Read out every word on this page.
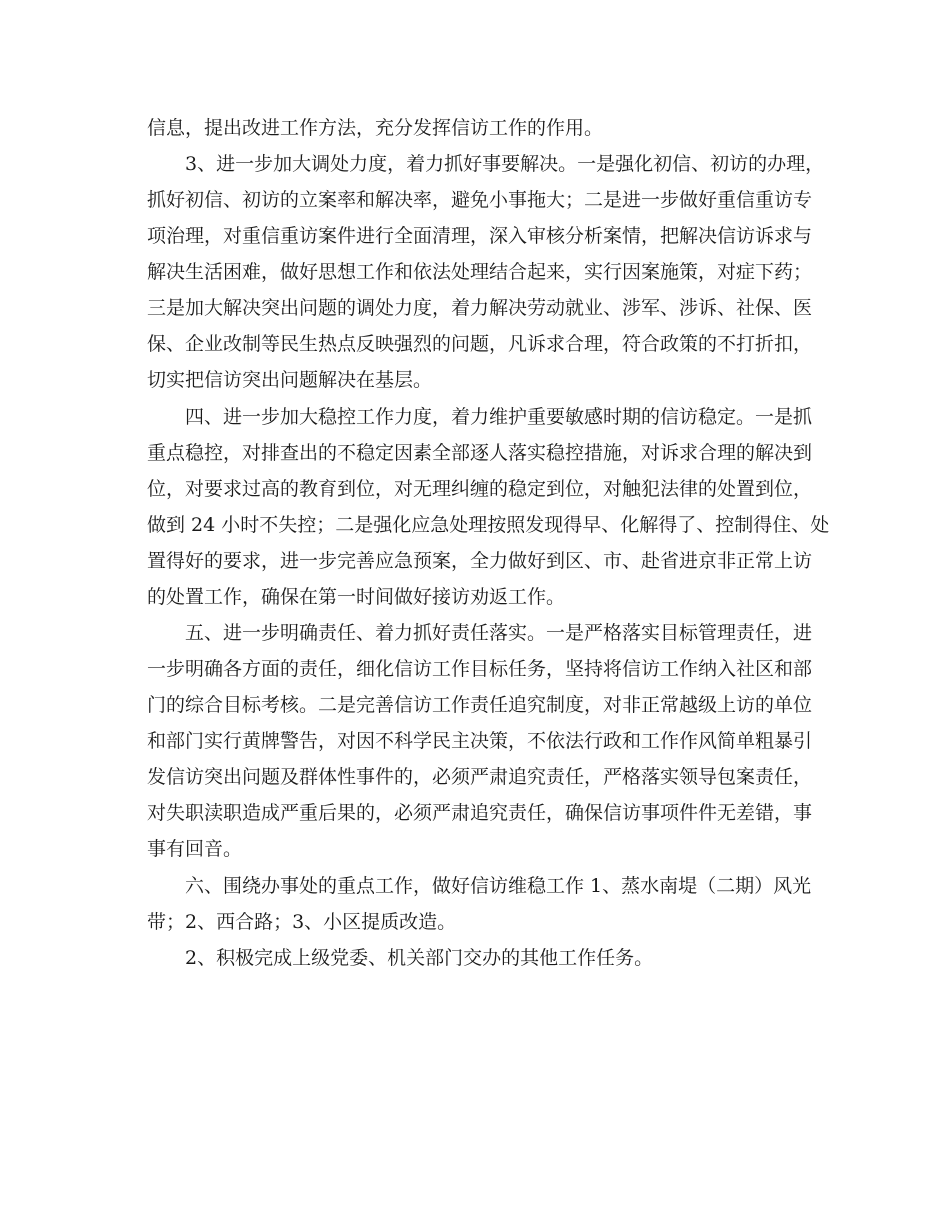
信息，提出改进工作方法，充分发挥信访工作的作用。
3、进一步加大调处力度，着力抓好事要解决。一是强化初信、初访的办理，
抓好初信、初访的立案率和解决率，避免小事拖大；二是进一步做好重信重访专
项治理，对重信重访案件进行全面清理，深入审核分析案情，把解决信访诉求与
解决生活困难，做好思想工作和依法处理结合起来，实行因案施策，对症下药；
三是加大解决突出问题的调处力度，着力解决劳动就业、涉军、涉诉、社保、医
保、企业改制等民生热点反映强烈的问题，凡诉求合理，符合政策的不打折扣，
切实把信访突出问题解决在基层。
四、进一步加大稳控工作力度，着力维护重要敏感时期的信访稳定。一是抓
重点稳控，对排查出的不稳定因素全部逐人落实稳控措施，对诉求合理的解决到
位，对要求过高的教育到位，对无理纠缠的稳定到位，对触犯法律的处置到位，
做到 24 小时不失控；二是强化应急处理按照发现得早、化解得了、控制得住、处
置得好的要求，进一步完善应急预案，全力做好到区、市、赴省进京非正常上访
的处置工作，确保在第一时间做好接访劝返工作。
五、进一步明确责任、着力抓好责任落实。一是严格落实目标管理责任，进
一步明确各方面的责任，细化信访工作目标任务，坚持将信访工作纳入社区和部
门的综合目标考核。二是完善信访工作责任追究制度，对非正常越级上访的单位
和部门实行黄牌警告，对因不科学民主决策，不依法行政和工作作风简单粗暴引
发信访突出问题及群体性事件的，必须严肃追究责任，严格落实领导包案责任，
对失职渎职造成严重后果的，必须严肃追究责任，确保信访事项件件无差错，事
事有回音。
六、围绕办事处的重点工作，做好信访维稳工作 1、蒸水南堤（二期）风光
带；2、西合路；3、小区提质改造。
2、积极完成上级党委、机关部门交办的其他工作任务。
